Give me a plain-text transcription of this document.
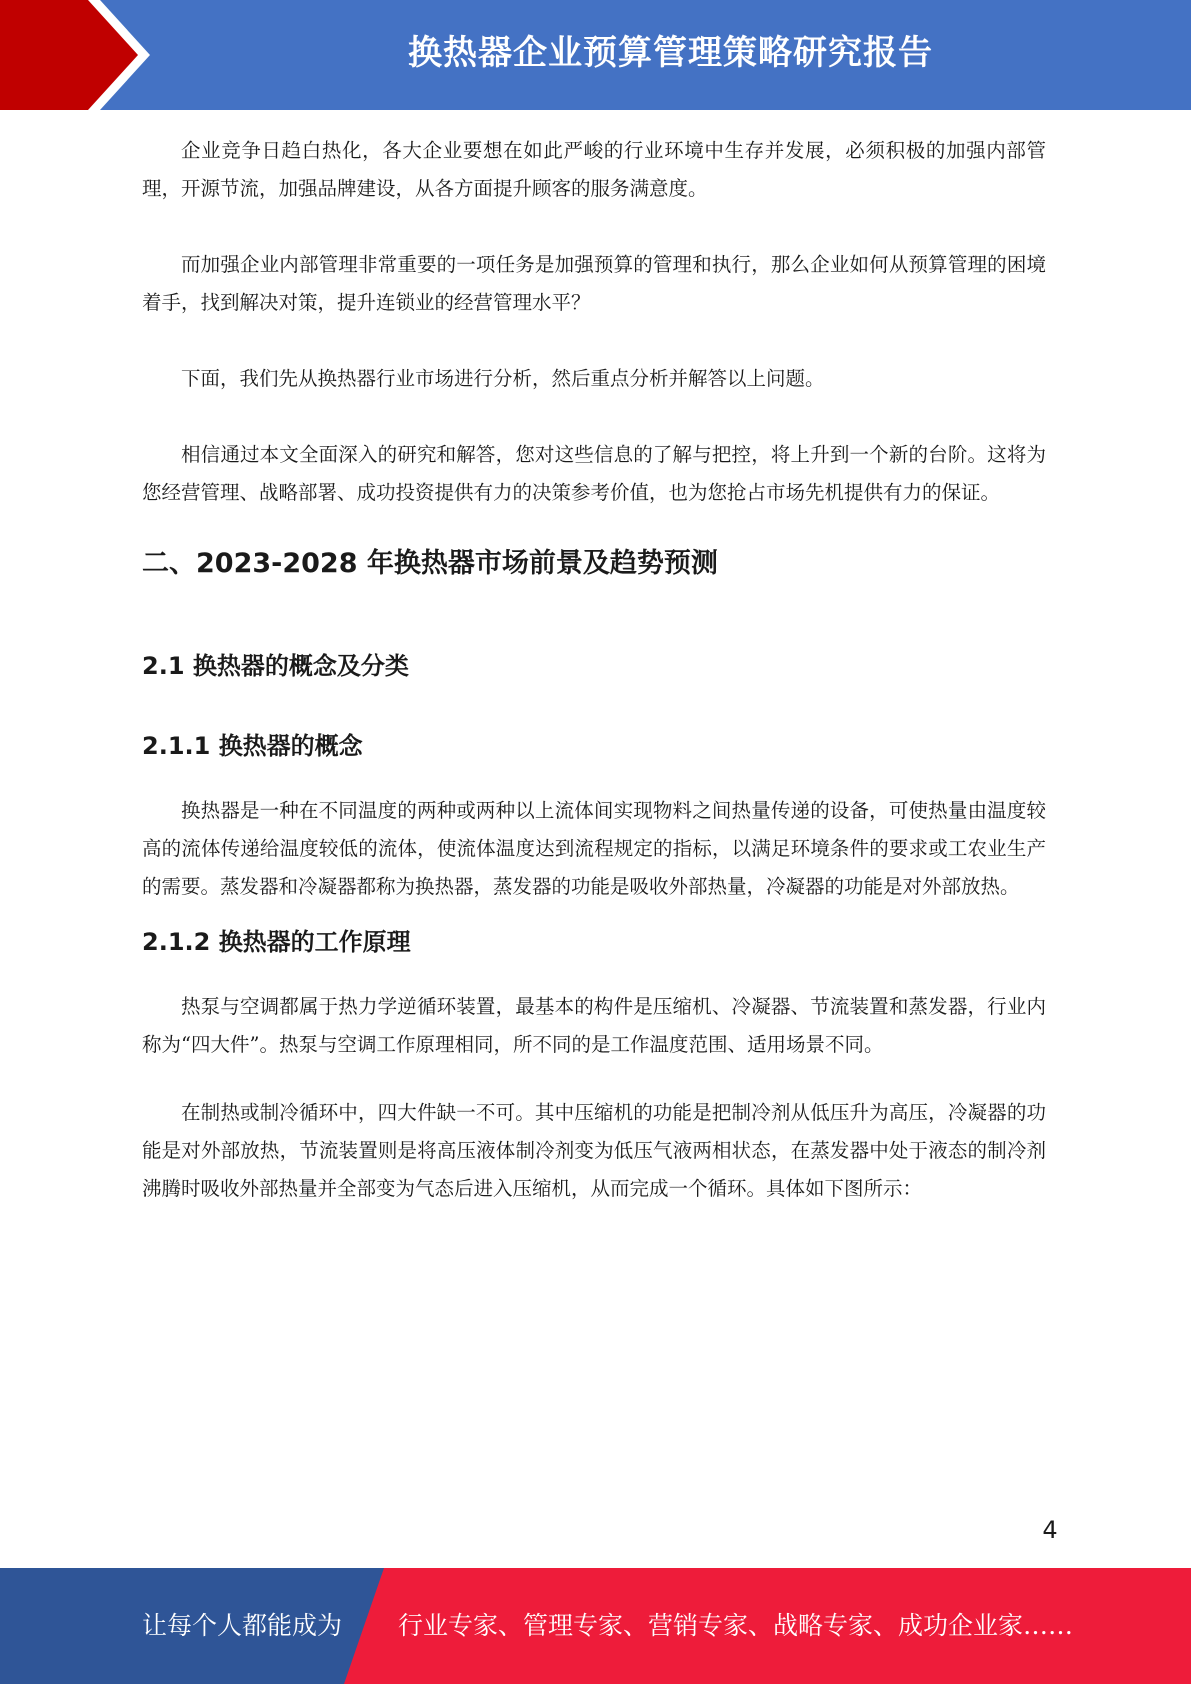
换热器企业预算管理策略研究报告

企业竞争日趋白热化，各大企业要想在如此严峻的行业环境中生存并发展，必须积极的加强内部管理，开源节流，加强品牌建设，从各方面提升顾客的服务满意度。

而加强企业内部管理非常重要的一项任务是加强预算的管理和执行，那么企业如何从预算管理的困境着手，找到解决对策，提升连锁业的经营管理水平？

下面，我们先从换热器行业市场进行分析，然后重点分析并解答以上问题。

相信通过本文全面深入的研究和解答，您对这些信息的了解与把控，将上升到一个新的台阶。这将为您经营管理、战略部署、成功投资提供有力的决策参考价值，也为您抢占市场先机提供有力的保证。

二、2023-2028 年换热器市场前景及趋势预测
2.1 换热器的概念及分类
2.1.1 换热器的概念

换热器是一种在不同温度的两种或两种以上流体间实现物料之间热量传递的设备，可使热量由温度较高的流体传递给温度较低的流体，使流体温度达到流程规定的指标，以满足环境条件的要求或工农业生产的需要。蒸发器和冷凝器都称为换热器，蒸发器的功能是吸收外部热量，冷凝器的功能是对外部放热。

2.1.2 换热器的工作原理

热泵与空调都属于热力学逆循环装置，最基本的构件是压缩机、冷凝器、节流装置和蒸发器，行业内称为“四大件”。热泵与空调工作原理相同，所不同的是工作温度范围、适用场景不同。

在制热或制冷循环中，四大件缺一不可。其中压缩机的功能是把制冷剂从低压升为高压，冷凝器的功能是对外部放热，节流装置则是将高压液体制冷剂变为低压气液两相状态，在蒸发器中处于液态的制冷剂沸腾时吸收外部热量并全部变为气态后进入压缩机，从而完成一个循环。具体如下图所示：

4
让每个人都能成为 行业专家、管理专家、营销专家、战略专家、成功企业家……
